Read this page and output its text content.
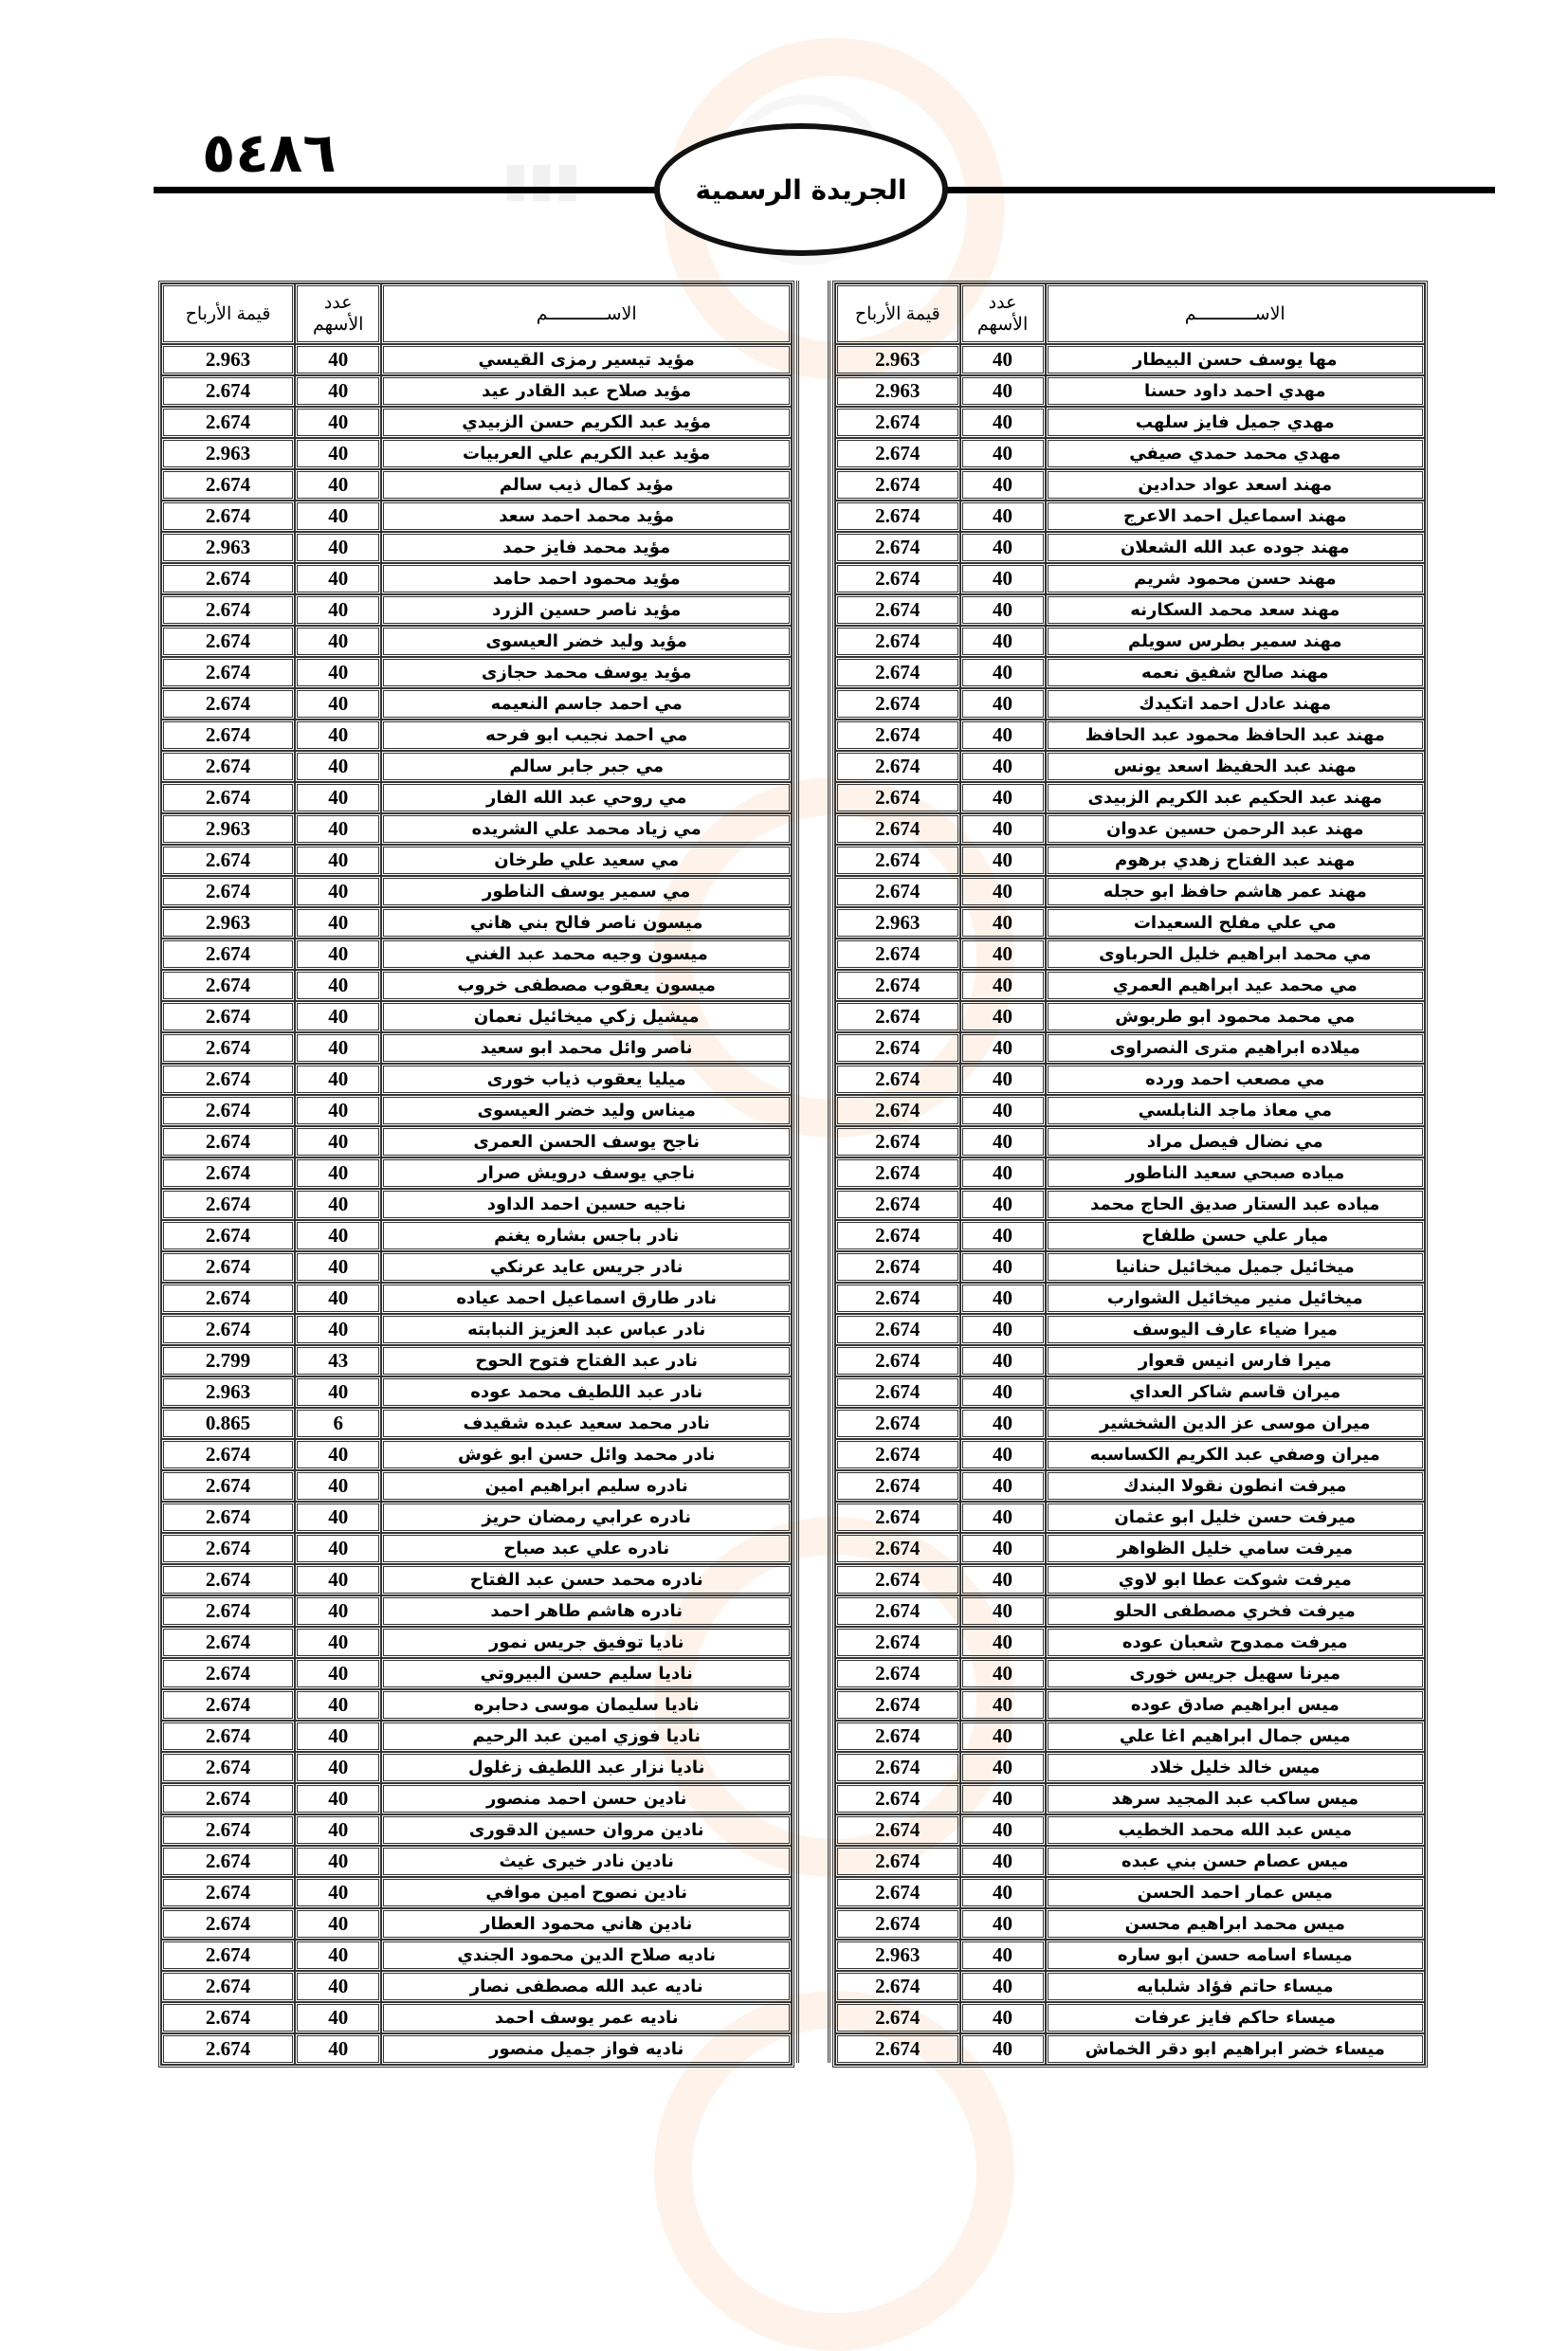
▮▮▮
٥٤٨٦
الجريدة الرسمية
الاســـــــــــم	عدد الأسهم	قيمة الأرباح
مها يوسف حسن البيطار	40	2.963
مهدي احمد داود حسنا	40	2.963
مهدي جميل فايز سلهب	40	2.674
مهدي محمد حمدي صيفي	40	2.674
مهند اسعد عواد حدادين	40	2.674
مهند اسماعيل احمد الاعرج	40	2.674
مهند جوده عبد الله الشعلان	40	2.674
مهند حسن محمود شريم	40	2.674
مهند سعد محمد السكارنه	40	2.674
مهند سمير بطرس سويلم	40	2.674
مهند صالح شفيق نعمه	40	2.674
مهند عادل احمد اتكيدك	40	2.674
مهند عبد الحافظ محمود عبد الحافظ	40	2.674
مهند عبد الحفيظ اسعد يونس	40	2.674
مهند عبد الحكيم عبد الكريم الزبيدى	40	2.674
مهند عبد الرحمن حسين عدوان	40	2.674
مهند عبد الفتاح زهدي برهوم	40	2.674
مهند عمر هاشم حافظ ابو حجله	40	2.674
مي علي مفلح السعيدات	40	2.963
مي محمد ابراهيم خليل الحرباوى	40	2.674
مي محمد عيد ابراهيم العمري	40	2.674
مي محمد محمود ابو طربوش	40	2.674
ميلاده ابراهيم مترى النصراوى	40	2.674
مي مصعب احمد ورده	40	2.674
مي معاذ ماجد النابلسي	40	2.674
مي نضال فيصل مراد	40	2.674
مياده صبحي سعيد الناطور	40	2.674
مياده عبد الستار صديق الحاج محمد	40	2.674
ميار علي حسن طلفاح	40	2.674
ميخائيل جميل ميخائيل حنانيا	40	2.674
ميخائيل منير ميخائيل الشوارب	40	2.674
ميرا ضياء عارف اليوسف	40	2.674
ميرا فارس انيس قعوار	40	2.674
ميران قاسم شاكر العداي	40	2.674
ميران موسى عز الدين الشخشير	40	2.674
ميران وصفي عبد الكريم الكساسبه	40	2.674
ميرفت انطون نقولا البندك	40	2.674
ميرفت حسن خليل ابو عثمان	40	2.674
ميرفت سامي خليل الظواهر	40	2.674
ميرفت شوكت عطا ابو لاوي	40	2.674
ميرفت فخري مصطفى الحلو	40	2.674
ميرفت ممدوح شعبان عوده	40	2.674
ميرنا سهيل جريس خورى	40	2.674
ميس ابراهيم صادق عوده	40	2.674
ميس جمال ابراهيم اغا علي	40	2.674
ميس خالد خليل خلاد	40	2.674
ميس ساكب عبد المجيد سرهد	40	2.674
ميس عبد الله محمد الخطيب	40	2.674
ميس عصام حسن بني عبده	40	2.674
ميس عمار احمد الحسن	40	2.674
ميس محمد ابراهيم محسن	40	2.674
ميساء اسامه حسن ابو ساره	40	2.963
ميساء حاتم فؤاد شلبايه	40	2.674
ميساء حاكم فايز عرفات	40	2.674
ميساء خضر ابراهيم ابو دقر الخماش	40	2.674
الاســـــــــــم	عدد الأسهم	قيمة الأرباح
مؤيد تيسير رمزى القيسي	40	2.963
مؤيد صلاح عبد القادر عيد	40	2.674
مؤيد عبد الكريم حسن الزبيدي	40	2.674
مؤيد عبد الكريم علي العربيات	40	2.963
مؤيد كمال ذيب سالم	40	2.674
مؤيد محمد احمد سعد	40	2.674
مؤيد محمد فايز حمد	40	2.963
مؤيد محمود احمد حامد	40	2.674
مؤيد ناصر حسين الزرد	40	2.674
مؤيد وليد خضر العيسوى	40	2.674
مؤيد يوسف محمد حجازى	40	2.674
مي احمد جاسم النعيمه	40	2.674
مي احمد نجيب ابو فرحه	40	2.674
مي جبر جابر سالم	40	2.674
مي روحي عبد الله الفار	40	2.674
مي زياد محمد علي الشريده	40	2.963
مي سعيد علي طرخان	40	2.674
مي سمير يوسف الناطور	40	2.674
ميسون ناصر فالح بني هاني	40	2.963
ميسون وجيه محمد عبد الغني	40	2.674
ميسون يعقوب مصطفى خروب	40	2.674
ميشيل زكي ميخائيل نعمان	40	2.674
ناصر وائل محمد ابو سعيد	40	2.674
ميليا يعقوب ذياب خورى	40	2.674
ميناس وليد خضر العيسوى	40	2.674
ناجح يوسف الحسن العمرى	40	2.674
ناجي يوسف درويش صرار	40	2.674
ناجيه حسين احمد الداود	40	2.674
نادر باجس بشاره يغنم	40	2.674
نادر جريس عايد عرنكي	40	2.674
نادر طارق اسماعيل احمد عياده	40	2.674
نادر عباس عبد العزيز النبابته	40	2.674
نادر عبد الفتاح فتوح الحوح	43	2.799
نادر عبد اللطيف محمد عوده	40	2.963
نادر محمد سعيد عبده شقيدف	6	0.865
نادر محمد وائل حسن ابو غوش	40	2.674
نادره سليم ابراهيم امين	40	2.674
نادره عرابي رمضان حريز	40	2.674
نادره علي عبد صباح	40	2.674
نادره محمد حسن عبد الفتاح	40	2.674
نادره هاشم طاهر احمد	40	2.674
ناديا توفيق جريس نمور	40	2.674
ناديا سليم حسن البيروتي	40	2.674
ناديا سليمان موسى دحابره	40	2.674
ناديا فوزي امين عبد الرحيم	40	2.674
ناديا نزار عبد اللطيف زغلول	40	2.674
نادين حسن احمد منصور	40	2.674
نادين مروان حسين الدقورى	40	2.674
نادين نادر خيرى غيث	40	2.674
نادين نصوح امين موافي	40	2.674
نادين هاني محمود العطار	40	2.674
ناديه صلاح الدين محمود الجندي	40	2.674
ناديه عبد الله مصطفى نصار	40	2.674
ناديه عمر يوسف احمد	40	2.674
ناديه فواز جميل منصور	40	2.674
